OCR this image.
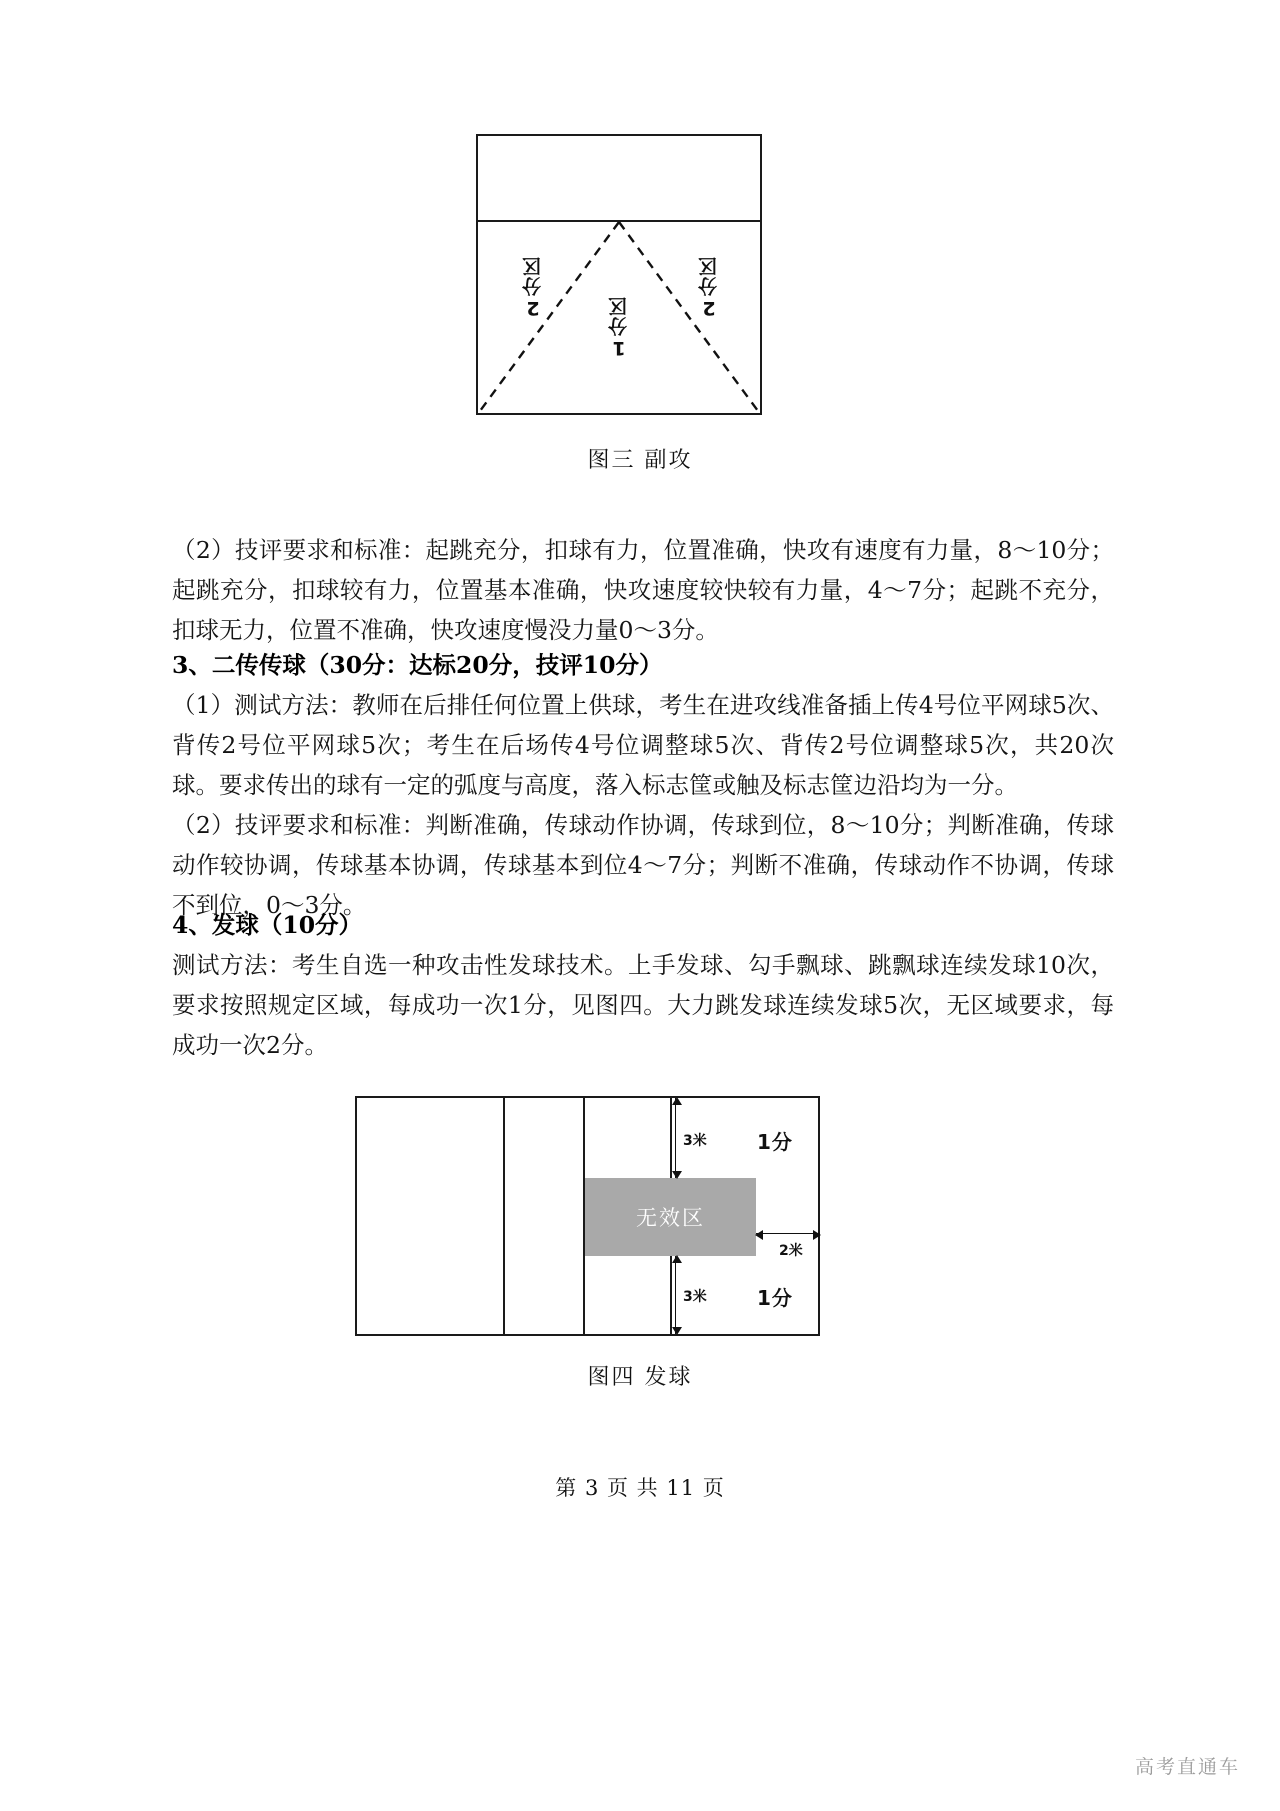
2分区
1分区
2分区
图三 副攻
（2）技评要求和标准：起跳充分，扣球有力，位置准确，快攻有速度有力量，8～10分；起跳充分，扣球较有力，位置基本准确，快攻速度较快较有力量，4～7分；起跳不充分，扣球无力，位置不准确，快攻速度慢没力量0～3分。
3、二传传球（30分：达标20分，技评10分）
（1）测试方法：教师在后排任何位置上供球，考生在进攻线准备插上传4号位平网球5次、背传2号位平网球5次；考生在后场传4号位调整球5次、背传2号位调整球5次，共20次球。要求传出的球有一定的弧度与高度，落入标志筐或触及标志筐边沿均为一分。
（2）技评要求和标准：判断准确，传球动作协调，传球到位，8～10分；判断准确，传球动作较协调，传球基本协调，传球基本到位4～7分；判断不准确，传球动作不协调，传球不到位，0～3分。
4、发球（10分）
测试方法：考生自选一种攻击性发球技术。上手发球、勾手飘球、跳飘球连续发球10次，要求按照规定区域，每成功一次1分，见图四。大力跳发球连续发球5次，无区域要求，每成功一次2分。
无效区
3米
3米
2米
1分
1分
图四 发球
第 3 页 共 11 页
高考直通车
